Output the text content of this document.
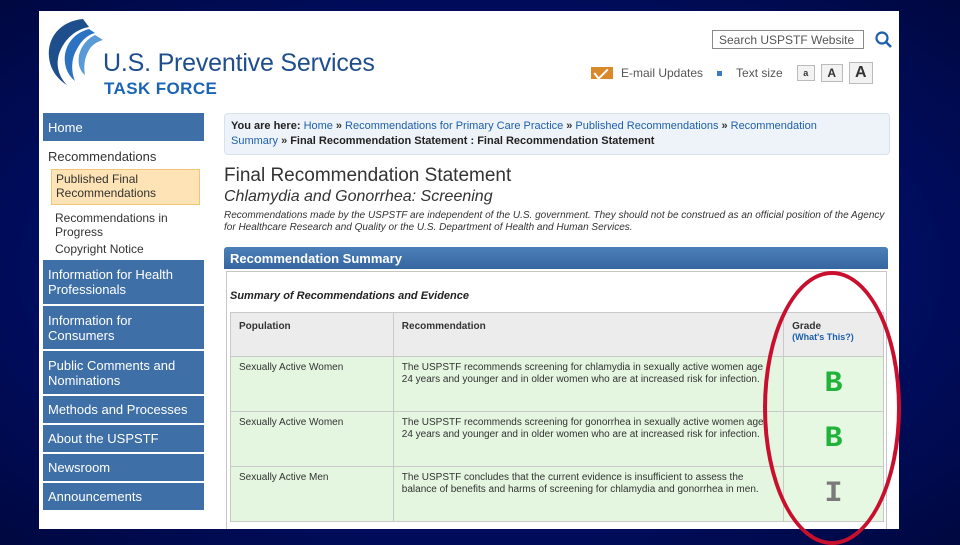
U.S. Preventive Services
TASK FORCE
Search USPSTF Website
E-mail Updates	Text size	a	A	A
Home
Recommendations
Published Final Recommendations
Recommendations in Progress
Copyright Notice
Information for Health Professionals
Information for Consumers
Public Comments and Nominations
Methods and Processes
About the USPSTF
Newsroom
Announcements
You are here: Home » Recommendations for Primary Care Practice » Published Recommendations » Recommendation Summary » Final Recommendation Statement : Final Recommendation Statement
Final Recommendation Statement
Chlamydia and Gonorrhea: Screening
Recommendations made by the USPSTF are independent of the U.S. government. They should not be construed as an official position of the Agency for Healthcare Research and Quality or the U.S. Department of Health and Human Services.
Recommendation Summary
Summary of Recommendations and Evidence
Population	Recommendation	Grade
(What's This?)

Sexually Active Women	The USPSTF recommends screening for chlamydia in sexually active women age 24 years and younger and in older women who are at increased risk for infection.	B
Sexually Active Women	The USPSTF recommends screening for gonorrhea in sexually active women age 24 years and younger and in older women who are at increased risk for infection.	B
Sexually Active Men	The USPSTF concludes that the current evidence is insufficient to assess the balance of benefits and harms of screening for chlamydia and gonorrhea in men.	I
